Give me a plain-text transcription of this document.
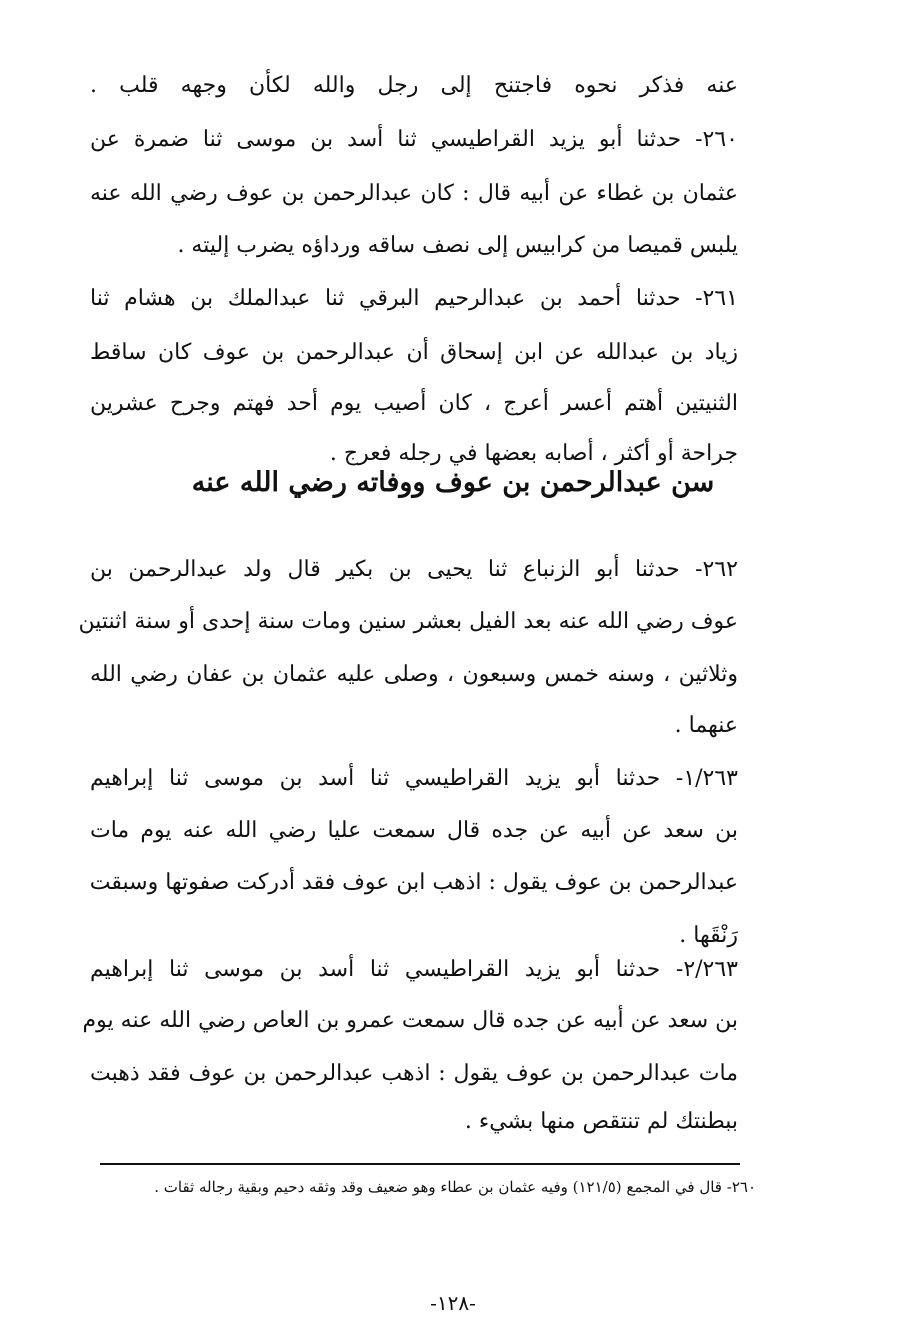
عنه فذكر نحوه فاجتنح إلى رجل والله لكأن وجهه قلب .
٢٦٠- حدثنا أبو يزيد القراطيسي ثنا أسد بن موسى ثنا ضمرة عن
عثمان بن غطاء عن أبيه قال : كان عبدالرحمن بن عوف رضي الله عنه
يلبس قميصا من كرابيس إلى نصف ساقه ورداؤه يضرب إليته .
٢٦١- حدثنا أحمد بن عبدالرحيم البرقي ثنا عبدالملك بن هشام ثنا
زياد بن عبدالله عن ابن إسحاق أن عبدالرحمن بن عوف كان ساقط
الثنيتين أهتم أعسر أعرج ، كان أصيب يوم أحد فهتم وجرح عشرين
جراحة أو أكثر ، أصابه بعضها في رجله فعرج .
٢٦٢- حدثنا أبو الزنباع ثنا يحيى بن بكير قال ولد عبدالرحمن بن
عوف رضي الله عنه بعد الفيل بعشر سنين ومات سنة إحدى أو سنة اثنتين
وثلاثين ، وسنه خمس وسبعون ، وصلى عليه عثمان بن عفان رضي الله
عنهما .
١/٢٦٣- حدثنا أبو يزيد القراطيسي ثنا أسد بن موسى ثنا إبراهيم
بن سعد عن أبيه عن جده قال سمعت عليا رضي الله عنه يوم مات
عبدالرحمن بن عوف يقول : اذهب ابن عوف فقد أدركت صفوتها وسبقت
رَنْقَها .
٢/٢٦٣- حدثنا أبو يزيد القراطيسي ثنا أسد بن موسى ثنا إبراهيم
بن سعد عن أبيه عن جده قال سمعت عمرو بن العاص رضي الله عنه يوم
مات عبدالرحمن بن عوف يقول : اذهب عبدالرحمن بن عوف فقد ذهبت
ببطنتك لم تنتقص منها بشيء .
سن عبدالرحمن بن عوف ووفاته رضي الله عنه
٢٦٠- قال في المجمع (١٢١/٥) وفيه عثمان بن عطاء وهو ضعيف وقد وثقه دحيم وبقية رجاله ثقات .
-١٢٨-
